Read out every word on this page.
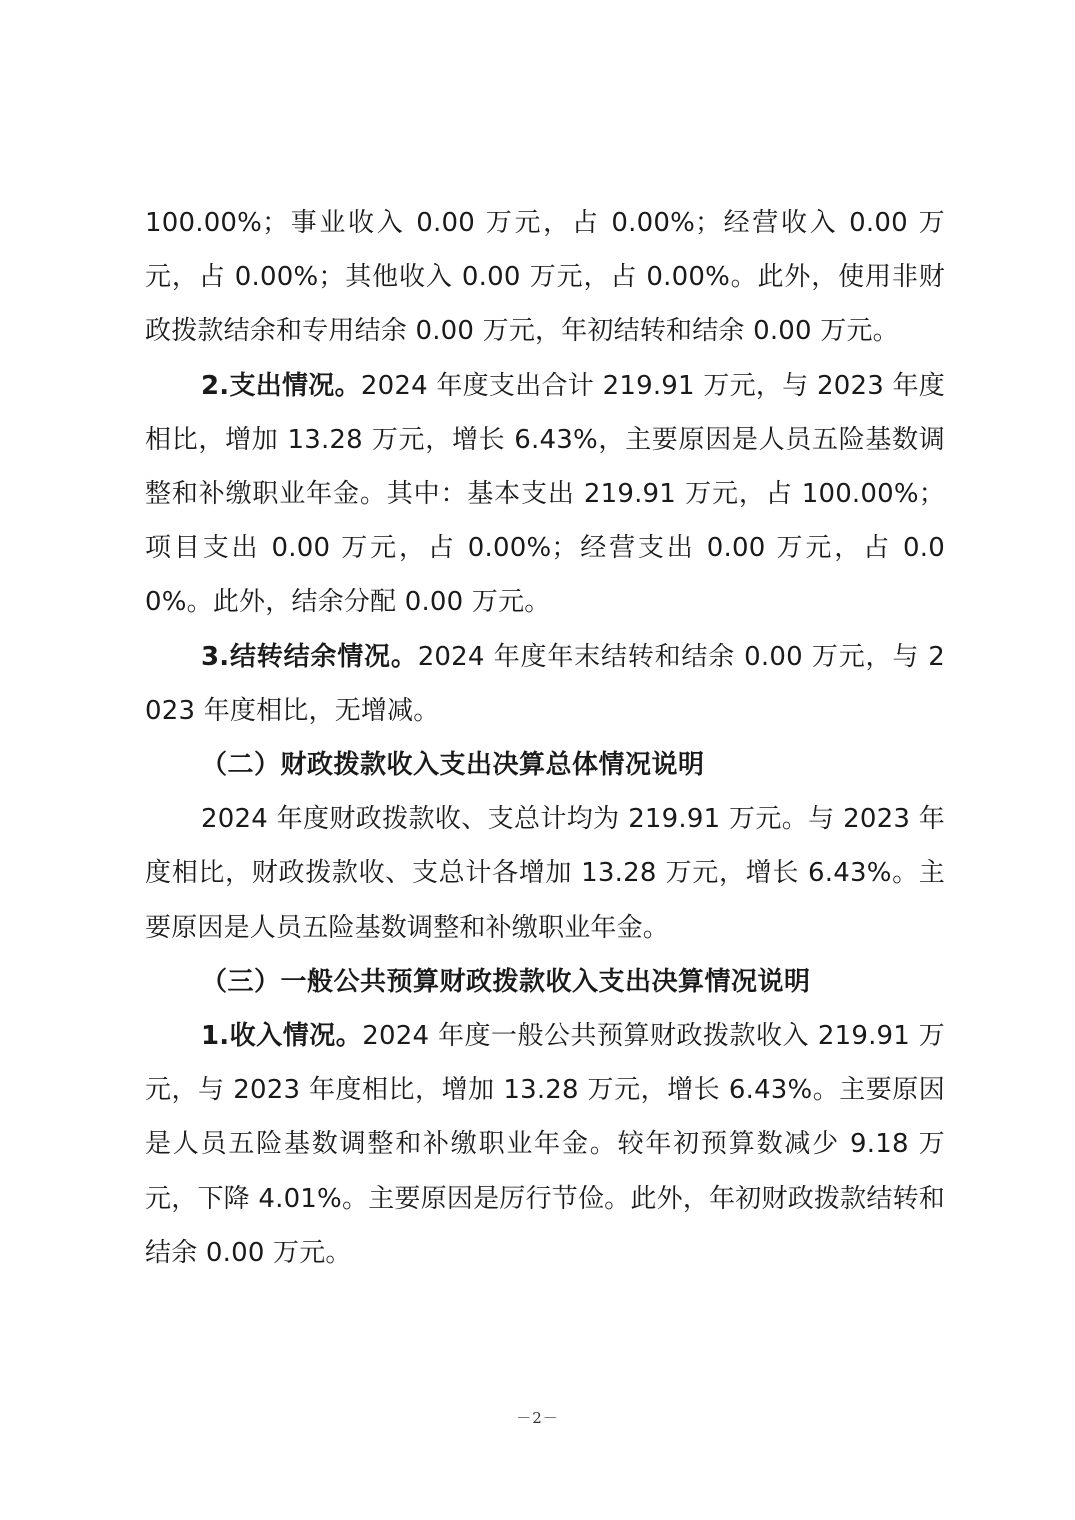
100.00%；事业收入 0.00 万元，占 0.00%；经营收入 0.00 万元，占 0.00%；其他收入 0.00 万元，占 0.00%。此外，使用非财政拨款结余和专用结余 0.00 万元，年初结转和结余 0.00 万元。

2.支出情况。2024 年度支出合计 219.91 万元，与 2023 年度相比，增加 13.28 万元，增长 6.43%，主要原因是人员五险基数调整和补缴职业年金。其中：基本支出 219.91 万元，占 100.00%；项目支出 0.00 万元，占 0.00%；经营支出 0.00 万元，占 0.00%。此外，结余分配 0.00 万元。

3.结转结余情况。2024 年度年末结转和结余 0.00 万元，与 2023 年度相比，无增减。

（二）财政拨款收入支出决算总体情况说明

2024 年度财政拨款收、支总计均为 219.91 万元。与 2023 年度相比，财政拨款收、支总计各增加 13.28 万元，增长 6.43%。主要原因是人员五险基数调整和补缴职业年金。

（三）一般公共预算财政拨款收入支出决算情况说明

1.收入情况。2024 年度一般公共预算财政拨款收入 219.91 万元，与 2023 年度相比，增加 13.28 万元，增长 6.43%。主要原因是人员五险基数调整和补缴职业年金。较年初预算数减少 9.18 万元，下降 4.01%。主要原因是厉行节俭。此外，年初财政拨款结转和结余 0.00 万元。

－2－
